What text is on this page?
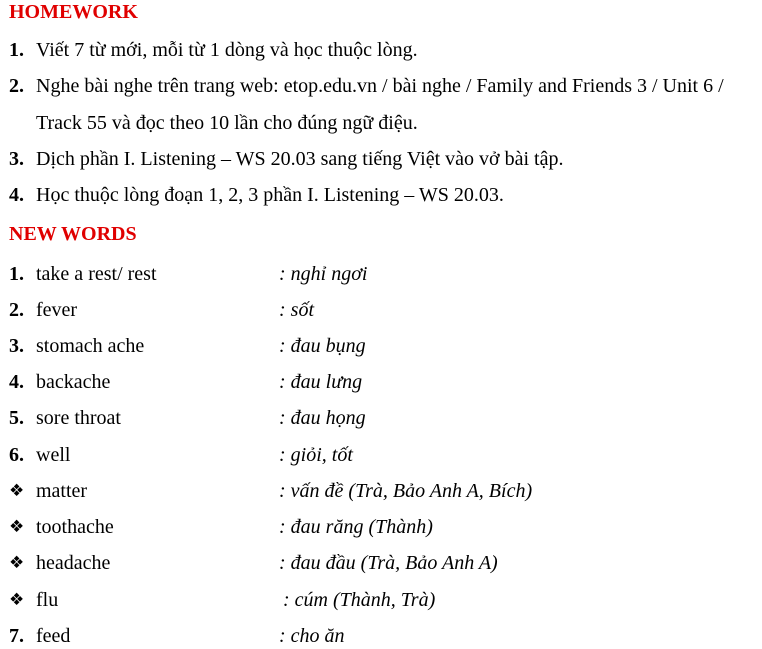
HOMEWORK
1. Viết 7 từ mới, mỗi từ 1 dòng và học thuộc lòng.
2. Nghe bài nghe trên trang web: etop.edu.vn / bài nghe / Family and Friends 3 / Unit 6 /
Track 55 và đọc theo 10 lần cho đúng ngữ điệu.
3. Dịch phần I. Listening – WS 20.03 sang tiếng Việt vào vở bài tập.
4. Học thuộc lòng đoạn 1, 2, 3 phần I. Listening – WS 20.03.
NEW WORDS
1. take a rest/ rest	: nghỉ ngơi
2. fever	: sốt
3. stomach ache	: đau bụng
4. backache	: đau lưng
5. sore throat	: đau họng
6. well	: giỏi, tốt
❖ matter	: vấn đề (Trà, Bảo Anh A, Bích)
❖ toothache	: đau răng (Thành)
❖ headache	: đau đầu (Trà, Bảo Anh A)
❖ flu	: cúm (Thành, Trà)
7. feed	: cho ăn
